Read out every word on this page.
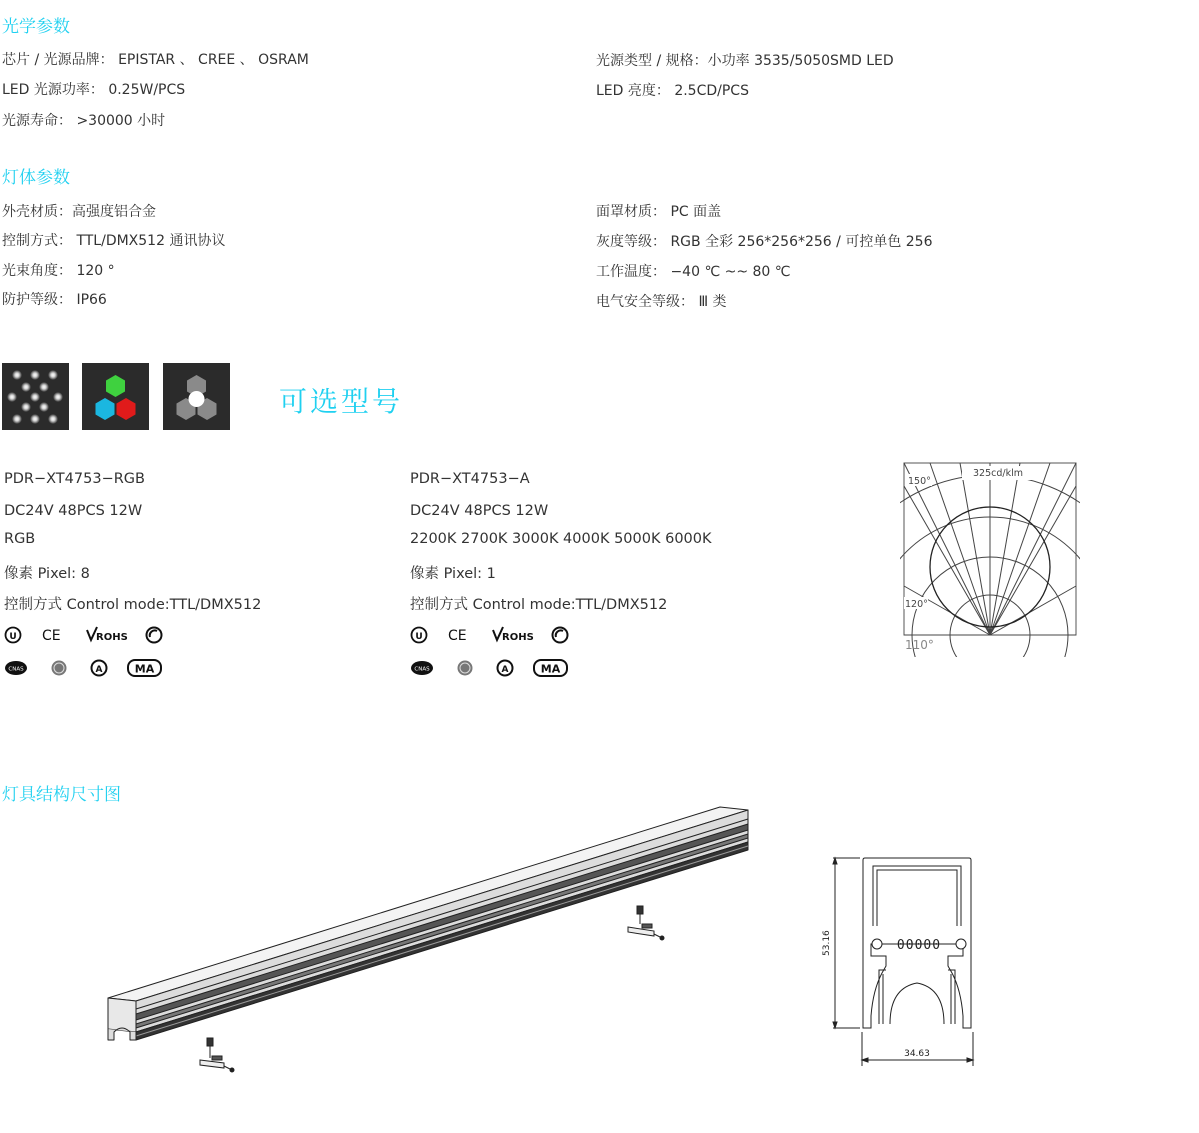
光学参数
芯片 / 光源品牌： EPISTAR 、 CREE 、 OSRAM
LED 光源功率： 0.25W/PCS
光源寿命： >30000 小时
光源类型 / 规格：小功率 3535/5050SMD LED
LED 亮度： 2.5CD/PCS
灯体参数
外壳材质：高强度铝合金
控制方式： TTL/DMX512 通讯协议
光束角度： 120 °
防护等级： IP66
面罩材质： PC 面盖
灰度等级： RGB 全彩 256*256*256 / 可控单色 256
工作温度： −40 ℃ ~~ 80 ℃
电气安全等级： Ⅲ 类
可选型号
PDR−XT4753−RGB
DC24V 48PCS 12W
RGB
像素 Pixel: 8
控制方式 Control mode:TTL/DMX512
PDR−XT4753−A
DC24V 48PCS 12W
2200K 2700K 3000K 4000K 5000K 6000K
像素 Pixel: 1
控制方式 Control mode:TTL/DMX512
U CE	ROHS
CNAS	A	MA
U CE	ROHS
CNAS	A	MA
325cd/klm
150°
120°
110°
灯具结构尺寸图
00000
53.16
34.63
